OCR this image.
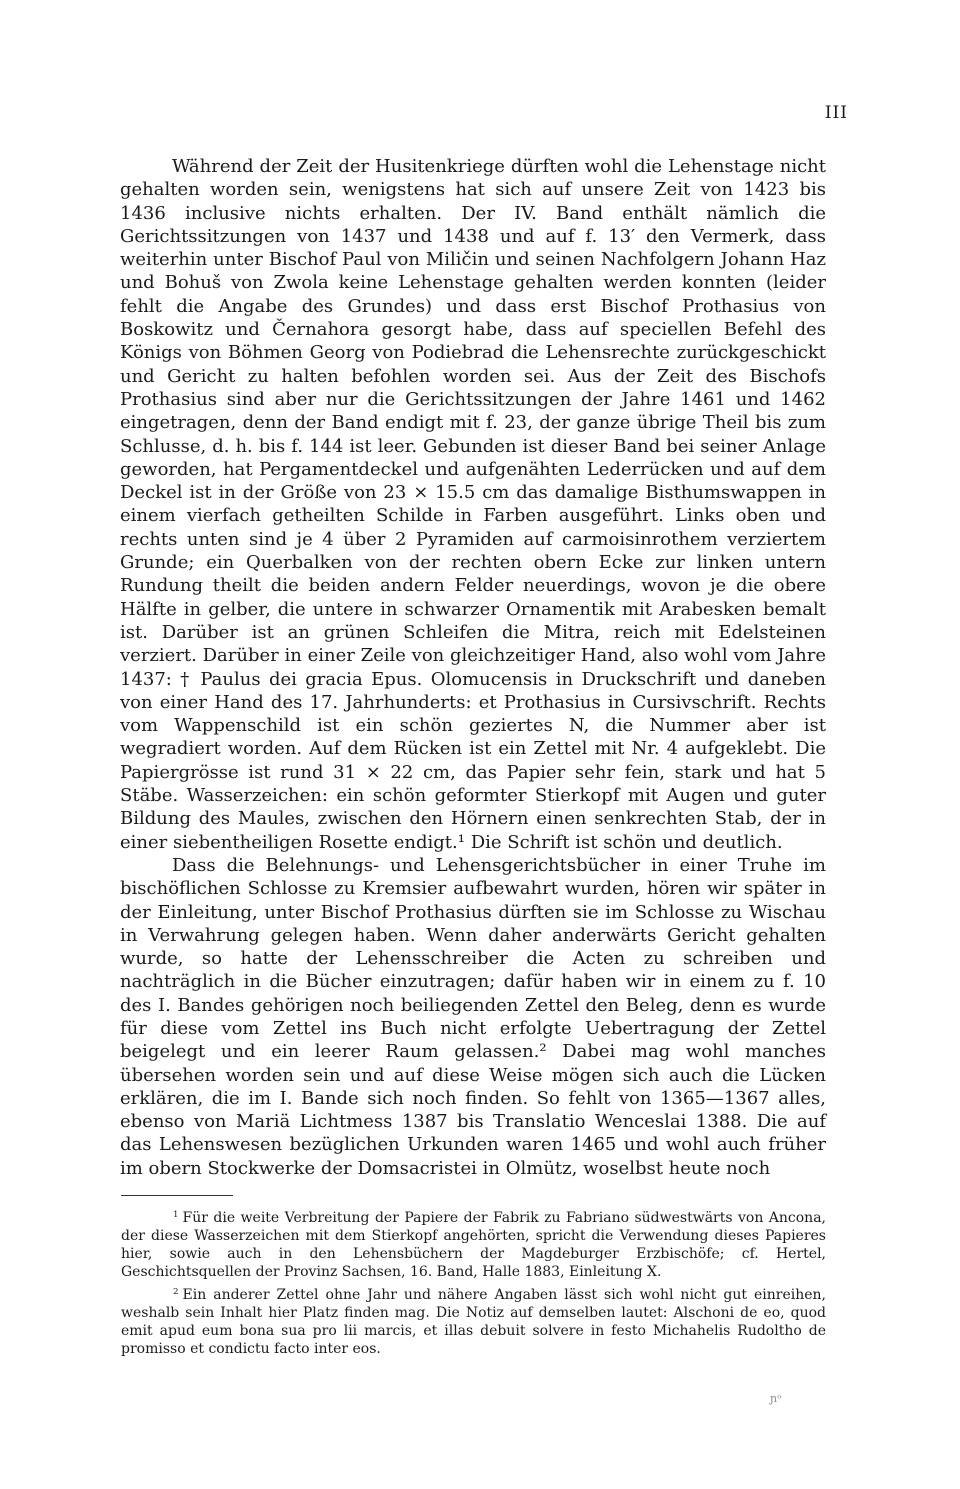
III

Während der Zeit der Husitenkriege dürften wohl die Lehenstage nicht gehalten worden sein, wenigstens hat sich auf unsere Zeit von 1423 bis 1436 inclusive nichts erhalten. Der IV. Band enthält nämlich die Gerichtssitzungen von 1437 und 1438 und auf f. 13′ den Vermerk, dass weiterhin unter Bischof Paul von Miličin und seinen Nachfolgern Johann Haz und Bohuš von Zwola keine Lehenstage gehalten werden konnten (leider fehlt die Angabe des Grundes) und dass erst Bischof Prothasius von Boskowitz und Černahora gesorgt habe, dass auf speciellen Befehl des Königs von Böhmen Georg von Podiebrad die Lehensrechte zurückgeschickt und Gericht zu halten befohlen worden sei. Aus der Zeit des Bischofs Prothasius sind aber nur die Gerichtssitzungen der Jahre 1461 und 1462 eingetragen, denn der Band endigt mit f. 23, der ganze übrige Theil bis zum Schlusse, d. h. bis f. 144 ist leer. Gebunden ist dieser Band bei seiner Anlage geworden, hat Pergamentdeckel und aufgenähten Lederrücken und auf dem Deckel ist in der Größe von 23 × 15.5 cm das damalige Bisthumswappen in einem vierfach getheilten Schilde in Farben ausgeführt. Links oben und rechts unten sind je 4 über 2 Pyramiden auf carmoisinrothem verziertem Grunde; ein Querbalken von der rechten obern Ecke zur linken untern Rundung theilt die beiden andern Felder neuerdings, wovon je die obere Hälfte in gelber, die untere in schwarzer Ornamentik mit Arabesken bemalt ist. Darüber ist an grünen Schleifen die Mitra, reich mit Edelsteinen verziert. Darüber in einer Zeile von gleichzeitiger Hand, also wohl vom Jahre 1437: † Paulus dei gracia Epus. Olomucensis in Druckschrift und daneben von einer Hand des 17. Jahrhunderts: et Prothasius in Cursivschrift. Rechts vom Wappenschild ist ein schön geziertes N, die Nummer aber ist wegradiert worden. Auf dem Rücken ist ein Zettel mit Nr. 4 aufgeklebt. Die Papiergrösse ist rund 31 × 22 cm, das Papier sehr fein, stark und hat 5 Stäbe. Wasserzeichen: ein schön geformter Stierkopf mit Augen und guter Bildung des Maules, zwischen den Hörnern einen senkrechten Stab, der in einer siebentheiligen Rosette endigt.¹ Die Schrift ist schön und deutlich.

Dass die Belehnungs- und Lehensgerichtsbücher in einer Truhe im bischöflichen Schlosse zu Kremsier aufbewahrt wurden, hören wir später in der Einleitung, unter Bischof Prothasius dürften sie im Schlosse zu Wischau in Verwahrung gelegen haben. Wenn daher anderwärts Gericht gehalten wurde, so hatte der Lehensschreiber die Acten zu schreiben und nachträglich in die Bücher einzutragen; dafür haben wir in einem zu f. 10 des I. Bandes gehörigen noch beiliegenden Zettel den Beleg, denn es wurde für diese vom Zettel ins Buch nicht erfolgte Uebertragung der Zettel beigelegt und ein leerer Raum gelassen.² Dabei mag wohl manches übersehen worden sein und auf diese Weise mögen sich auch die Lücken erklären, die im I. Bande sich noch finden. So fehlt von 1365—1367 alles, ebenso von Mariä Lichtmess 1387 bis Translatio Wenceslai 1388. Die auf das Lehenswesen bezüglichen Urkunden waren 1465 und wohl auch früher im obern Stockwerke der Domsacristei in Olmütz, woselbst heute noch

$^1$ Für die weite Verbreitung der Papiere der Fabrik zu Fabriano südwestwärts von Ancona, der diese Wasserzeichen mit dem Stierkopf angehörten, spricht die Verwendung dieses Papieres hier, sowie auch in den Lehensbüchern der Magdeburger Erzbischöfe; cf. Hertel, Geschichtsquellen der Provinz Sachsen, 16. Band, Halle 1883, Einleitung X.

$^2$ Ein anderer Zettel ohne Jahr und nähere Angaben lässt sich wohl nicht gut einreihen, weshalb sein Inhalt hier Platz finden mag. Die Notiz auf demselben lautet: Alschoni de eo, quod emit apud eum bona sua pro lii marcis, et illas debuit solvere in festo Michahelis Rudoltho de promisso et condictu facto inter eos.

ɲᵒ
